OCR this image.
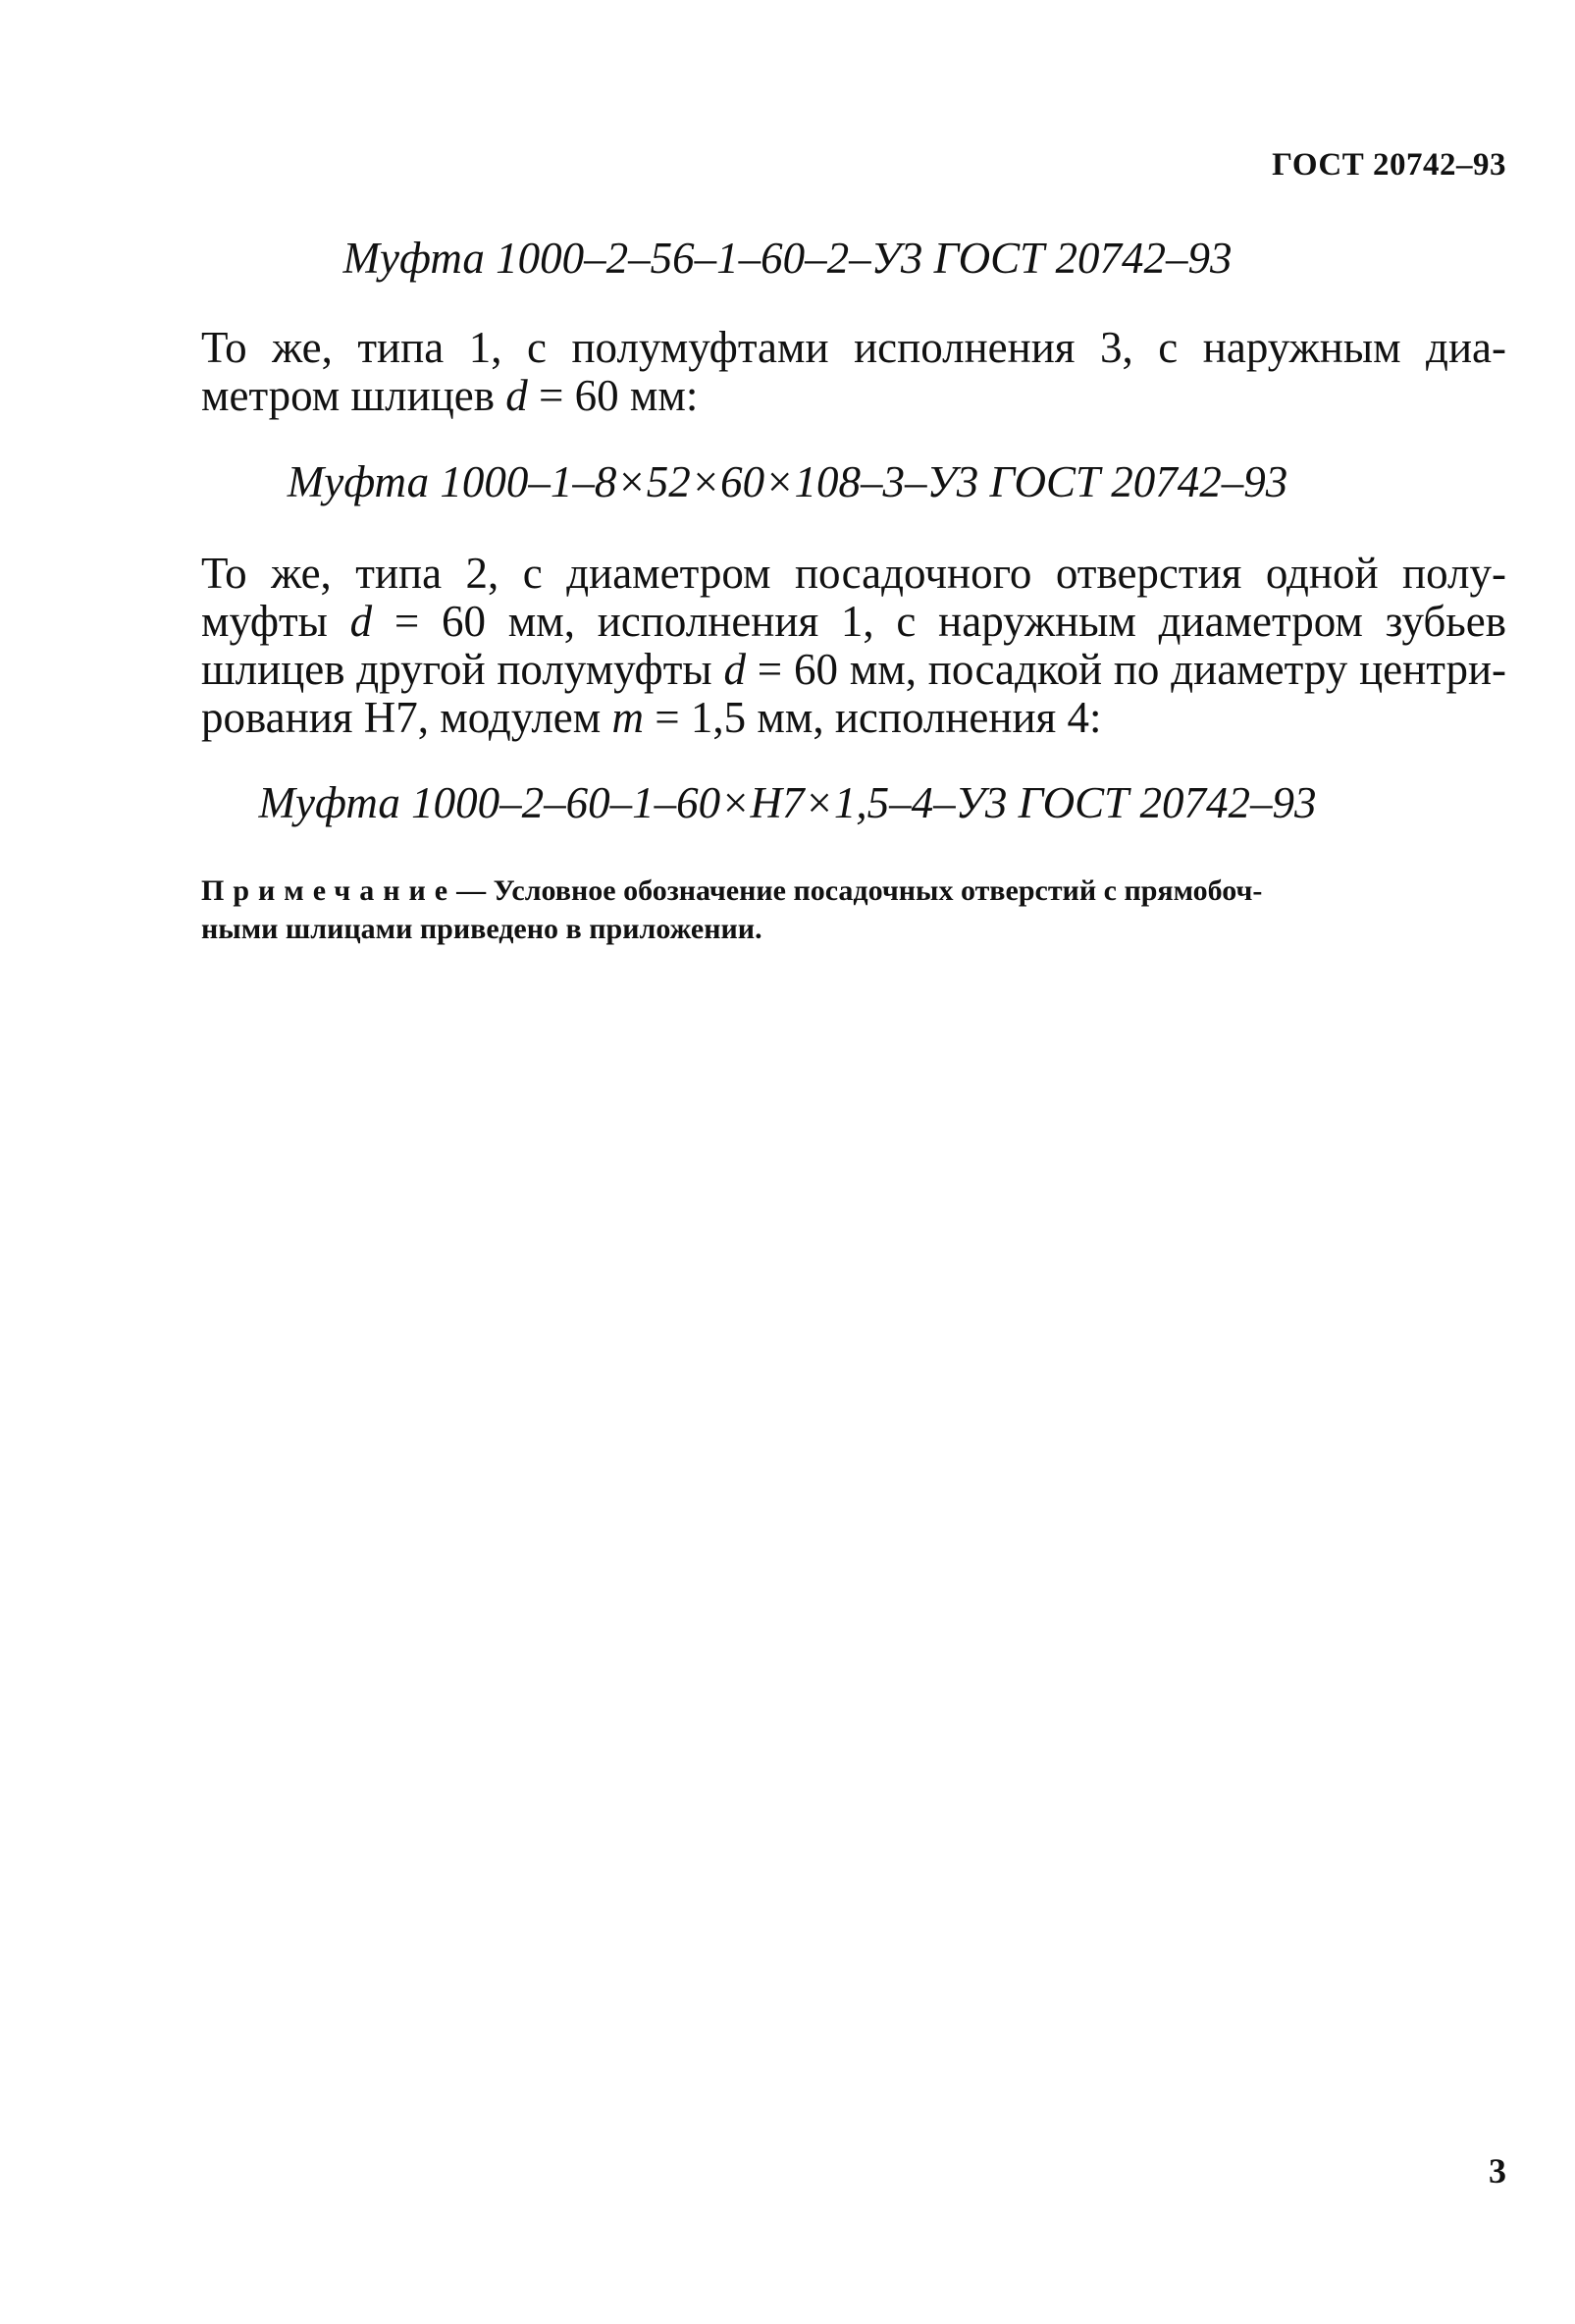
ГОСТ 20742–93
Муфта 1000–2–56–1–60–2–У3 ГОСТ 20742–93
То же, типа 1, с полумуфтами исполнения 3, с наружным диа-
метром шлицев d = 60 мм:
Муфта 1000–1–8×52×60×108–3–У3 ГОСТ 20742–93
То же, типа 2, с диаметром посадочного отверстия одной полу-
муфты d = 60 мм, исполнения 1, с наружным диаметром зубьев
шлицев другой полумуфты d = 60 мм, посадкой по диаметру центри-
рования Н7, модулем m = 1,5 мм, исполнения 4:
Муфта 1000–2–60–1–60×Н7×1,5–4–У3 ГОСТ 20742–93
Примечание— Условное обозначение посадочных отверстий с прямобоч-
ными шлицами приведено в приложении.
3
